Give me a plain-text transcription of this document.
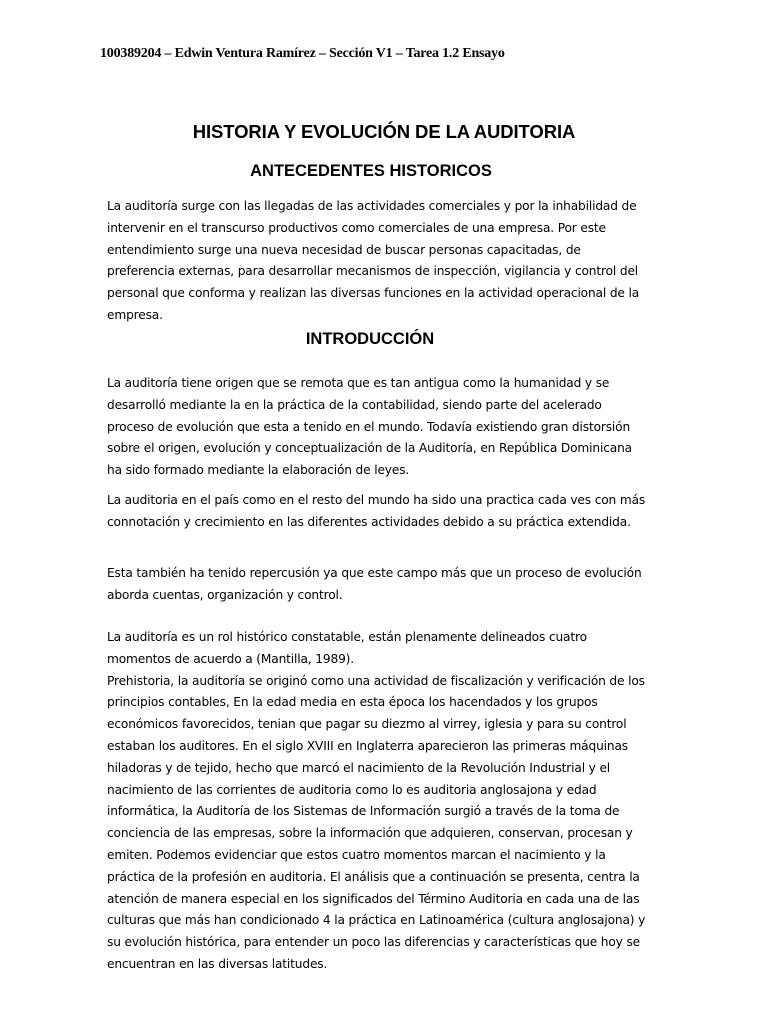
100389204 – Edwin Ventura Ramírez – Sección V1 – Tarea 1.2 Ensayo
HISTORIA Y EVOLUCIÓN DE LA AUDITORIA
ANTECEDENTES HISTORICOS
La auditoría surge con las llegadas de las actividades comerciales y por la inhabilidad de
intervenir en el transcurso productivos como comerciales de una empresa. Por este
entendimiento surge una nueva necesidad de buscar personas capacitadas, de
preferencia externas, para desarrollar mecanismos de inspección, vigilancia y control del
personal que conforma y realizan las diversas funciones en la actividad operacional de la
empresa.
INTRODUCCIÓN
La auditoría tiene origen que se remota que es tan antigua como la humanidad y se
desarrolló mediante la en la práctica de la contabilidad, siendo parte del acelerado
proceso de evolución que esta a tenido en el mundo. Todavía existiendo gran distorsión
sobre el origen, evolución y conceptualización de la Auditoría, en República Dominicana
ha sido formado mediante la elaboración de leyes.
La auditoria en el país como en el resto del mundo ha sido una practica cada ves con más
connotación y crecimiento en las diferentes actividades debido a su práctica extendida.
Esta también ha tenido repercusión ya que este campo más que un proceso de evolución
aborda cuentas, organización y control.
La auditoría es un rol histórico constatable, están plenamente delineados cuatro
momentos de acuerdo a (Mantilla, 1989).
Prehistoria, la auditoría se originó como una actividad de fiscalización y verificación de los
principios contables, En la edad media en esta época los hacendados y los grupos
económicos favorecidos, tenian que pagar su diezmo al virrey, iglesia y para su control
estaban los auditores. En el siglo XVIII en Inglaterra aparecieron las primeras máquinas
hiladoras y de tejido, hecho que marcó el nacimiento de la Revolución Industrial y el
nacimiento de las corrientes de auditoria como lo es auditoria anglosajona y edad
informática, la Auditoría de los Sistemas de Información surgió a través de la toma de
conciencia de las empresas, sobre la información que adquieren, conservan, procesan y
emiten. Podemos evidenciar que estos cuatro momentos marcan el nacimiento y la
práctica de la profesión en auditoria. El análisis que a continuación se presenta, centra la
atención de manera especial en los significados del Término Auditoria en cada una de las
culturas que más han condicionado 4 la práctica en Latinoamérica (cultura anglosajona) y
su evolución histórica, para entender un poco las diferencias y características que hoy se
encuentran en las diversas latitudes.
